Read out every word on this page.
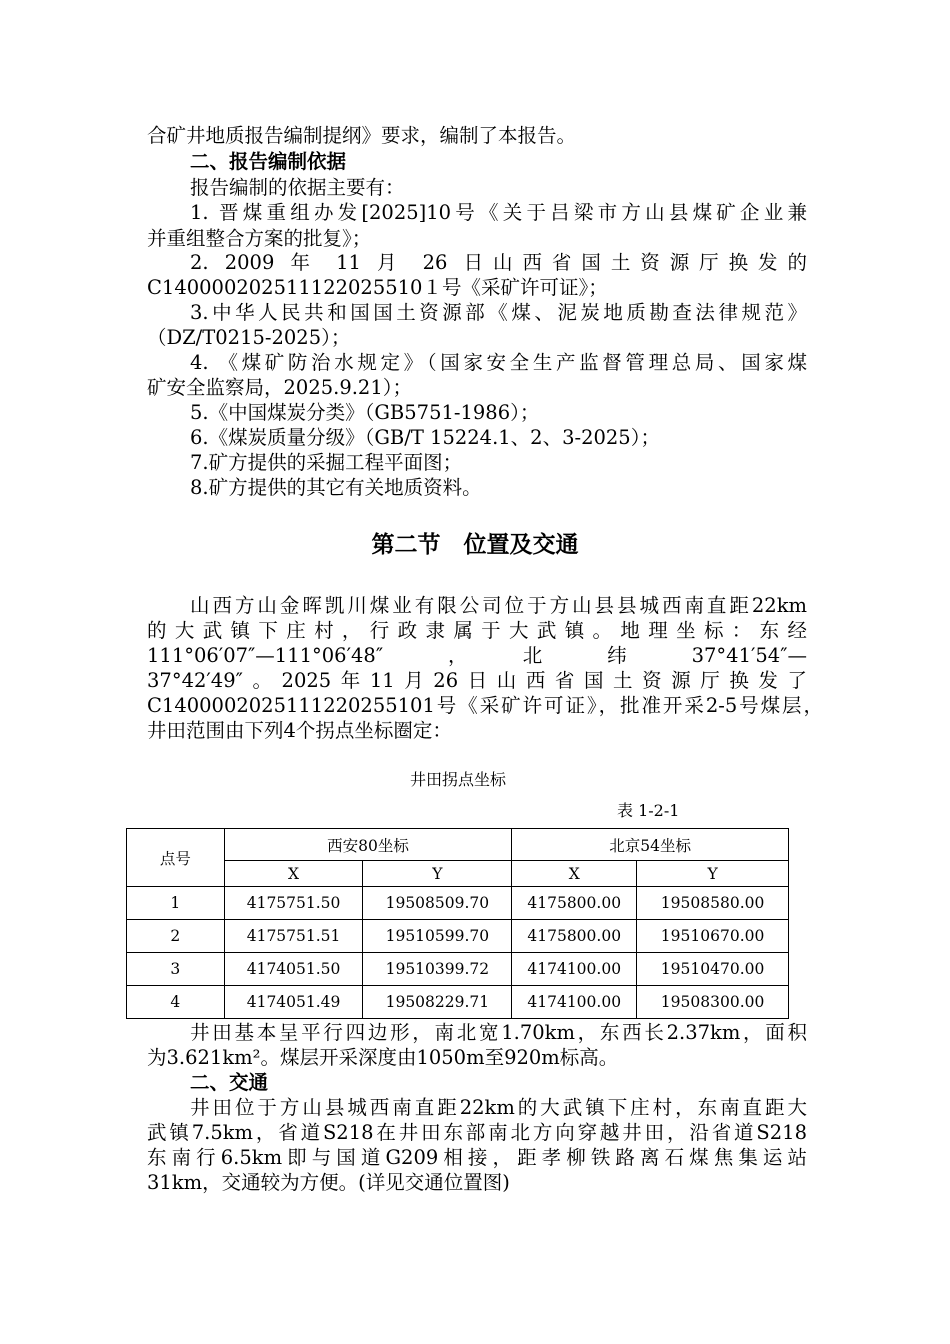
合矿井地质报告编制提纲》要求，编制了本报告。
二、报告编制依据
报告编制的依据主要有：
1. 晋煤重组办发[2025]10号《关于吕梁市方山县煤矿企业兼
并重组整合方案的批复》；
2. 2009 年 11 月 26 日山西省国土资源厅换发的
C140000202511122025510１号《采矿许可证》；
3.中华人民共和国国土资源部《煤、泥炭地质勘查法律规范》
（DZ/T0215-2025）；
4. 《煤矿防治水规定》（国家安全生产监督管理总局、国家煤
矿安全监察局，2025.9.21）；
5.《中国煤炭分类》（GB5751-1986）；
6.《煤炭质量分级》（GB/T 15224.1、2、3-2025）；
7.矿方提供的采掘工程平面图；
8.矿方提供的其它有关地质资料。
第二节　位置及交通
山西方山金晖凯川煤业有限公司位于方山县县城西南直距22km
的大武镇下庄村，行政隶属于大武镇。地理坐标：东经
111°06′07″—111°06′48″　，　北　纬　37°41′54″—
37°42′49″。2025年11月26日山西省国土资源厅换发了
C1400002025111220255101号《采矿许可证》，批准开采2-5号煤层，
井田范围由下列4个拐点坐标圈定：
井田拐点坐标
表 1-2-1
点号	西安80坐标		北京54坐标	
	X	Y	X	Y
1	4175751.50	19508509.70	4175800.00	19508580.00
2	4175751.51	19510599.70	4175800.00	19510670.00
3	4174051.50	19510399.72	4174100.00	19510470.00
4	4174051.49	19508229.71	4174100.00	19508300.00
井田基本呈平行四边形，南北宽1.70km，东西长2.37km，面积
为3.621km²。煤层开采深度由1050m至920m标高。
二、交通
井田位于方山县城西南直距22km的大武镇下庄村，东南直距大
武镇7.5km，省道S218在井田东部南北方向穿越井田，沿省道S218
东南行6.5km即与国道G209相接，距孝柳铁路离石煤焦集运站
31km，交通较为方便。(详见交通位置图)
